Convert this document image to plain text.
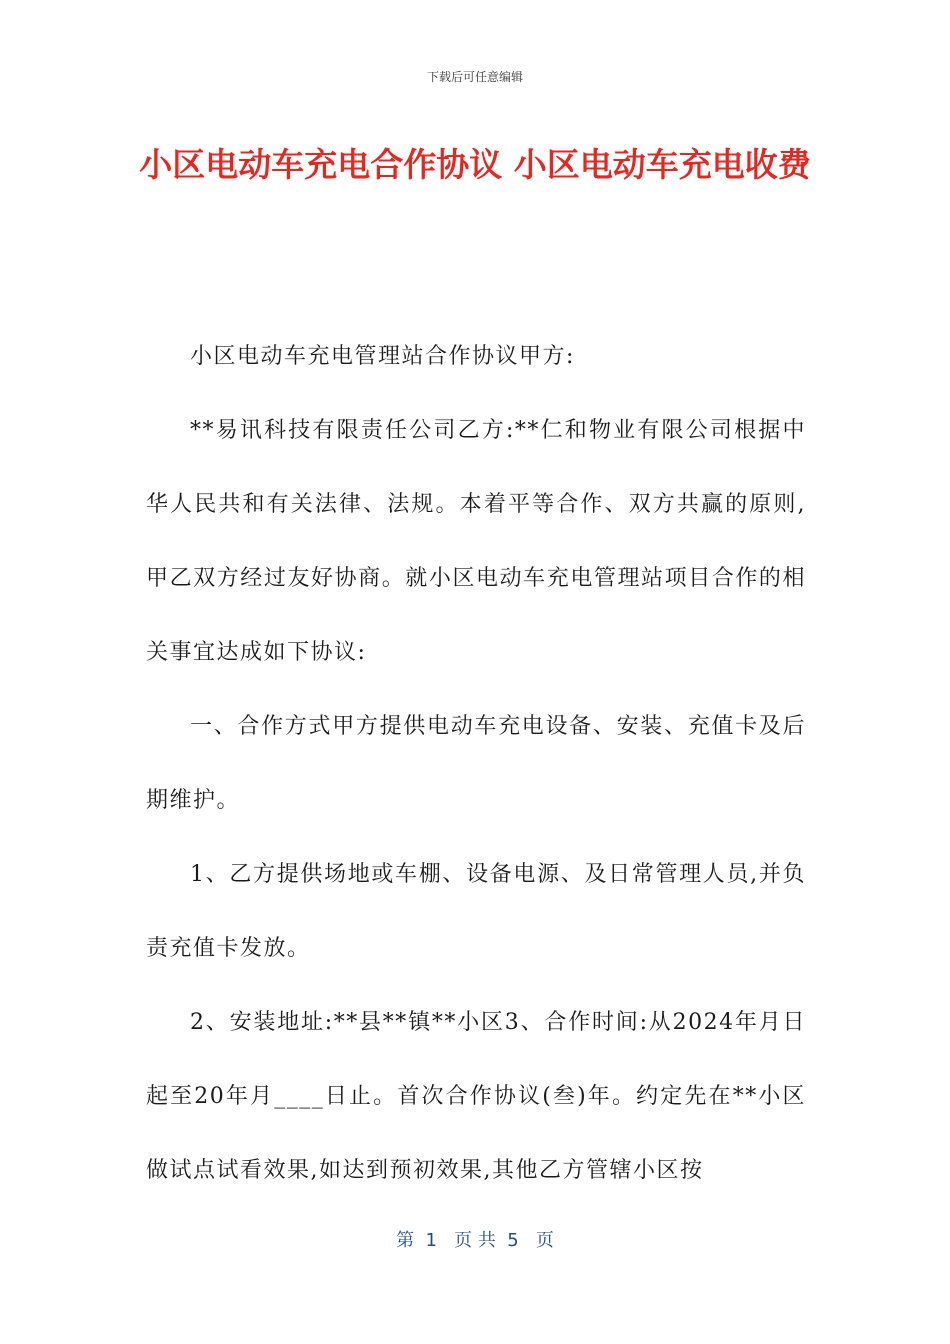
下载后可任意编辑
小区电动车充电合作协议 小区电动车充电收费

小区电动车充电管理站合作协议甲方:

**易讯科技有限责任公司乙方:**仁和物业有限公司根据中华人民共和有关法律、法规。本着平等合作、双方共赢的原则,甲乙双方经过友好协商。就小区电动车充电管理站项目合作的相关事宜达成如下协议:

一、合作方式甲方提供电动车充电设备、安装、充值卡及后期维护。

1、乙方提供场地或车棚、设备电源、及日常管理人员,并负责充值卡发放。

2、安装地址:**县**镇**小区3、合作时间:从2024年月日起至20年月____日止。首次合作协议(叁)年。约定先在**小区做试点试看效果,如达到预初效果,其他乙方管辖小区按

第  1   页 共  5   页
